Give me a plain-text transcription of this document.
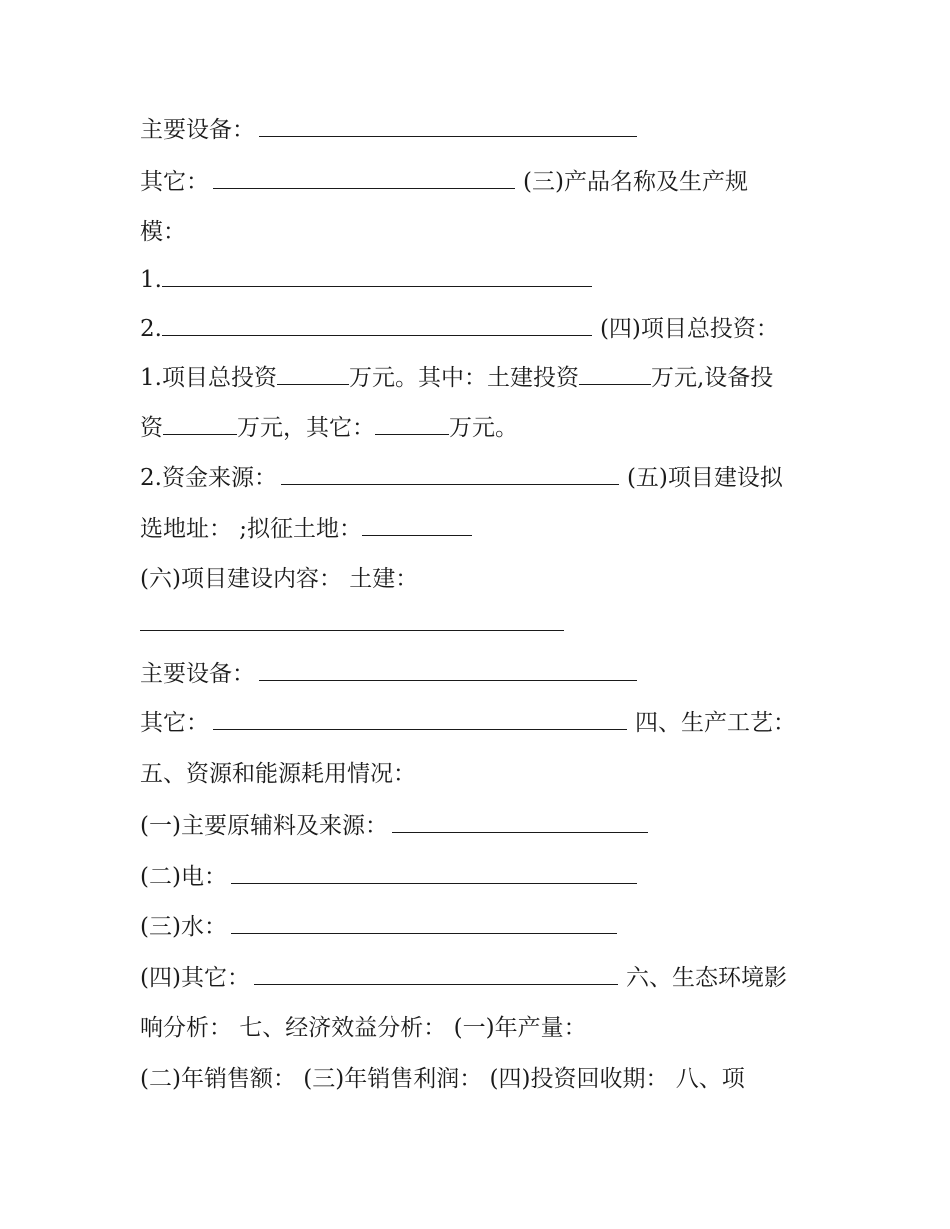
主要设备：
其它：	(三)产品名称及生产规
模：
1.
2.	(四)项目总投资：
1.项目总投资	万元。其中：土建投资	万元,设备投
资	万元，其它：	万元。
2.资金来源：	(五)项目建设拟
选地址： ;拟征土地：
(六)项目建设内容： 土建：
主要设备：
其它：	四、生产工艺：
五、资源和能源耗用情况：
(一)主要原辅料及来源：
(二)电：
(三)水：
(四)其它：	六、生态环境影
响分析： 七、经济效益分析： (一)年产量：
(二)年销售额： (三)年销售利润： (四)投资回收期： 八、项
